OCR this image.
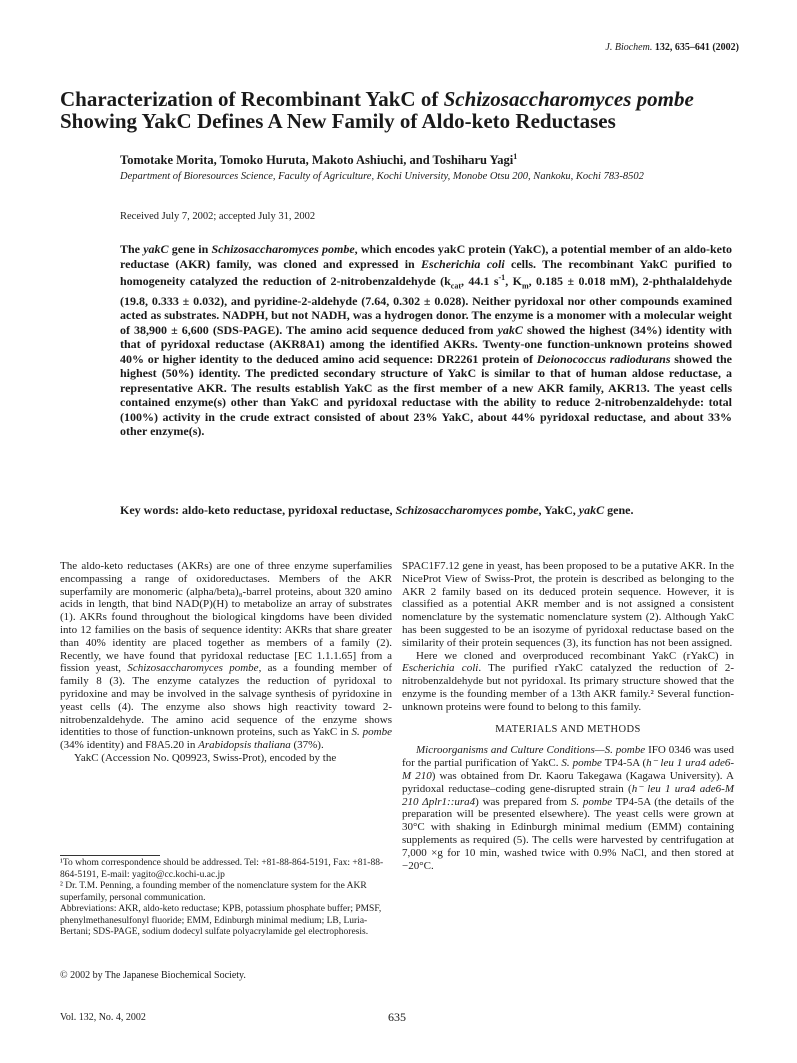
J. Biochem. 132, 635–641 (2002)
Characterization of Recombinant YakC of Schizosaccharomyces pombe
Showing YakC Defines A New Family of Aldo-keto Reductases
Tomotake Morita, Tomoko Huruta, Makoto Ashiuchi, and Toshiharu Yagi$^1$
Department of Bioresources Science, Faculty of Agriculture, Kochi University, Monobe Otsu 200, Nankoku, Kochi 783-8502
Received July 7, 2002; accepted July 31, 2002

The yakC gene in Schizosaccharomyces pombe, which encodes yakC protein (YakC), a potential member of an aldo-keto reductase (AKR) family, was cloned and expressed in Escherichia coli cells. The recombinant YakC purified to homogeneity catalyzed the reduction of 2-nitrobenzaldehyde ($k_{cat}$, 44.1 $s^{-1}$, $K_m$, 0.185 ± 0.018 mM), 2-phthalaldehyde (19.8, 0.333 ± 0.032), and pyridine-2-aldehyde (7.64, 0.302 ± 0.028). Neither pyridoxal nor other compounds examined acted as substrates. NADPH, but not NADH, was a hydrogen donor. The enzyme is a monomer with a molecular weight of 38,900 ± 6,600 (SDS-PAGE). The amino acid sequence deduced from yakC showed the highest (34%) identity with that of pyridoxal reductase (AKR8A1) among the identified AKRs. Twenty-one function-unknown proteins showed 40% or higher identity to the deduced amino acid sequence: DR2261 protein of Deionococcus radiodurans showed the highest (50%) identity. The predicted secondary structure of YakC is similar to that of human aldose reductase, a representative AKR. The results establish YakC as the first member of a new AKR family, AKR13. The yeast cells contained enzyme(s) other than YakC and pyridoxal reductase with the ability to reduce 2-nitrobenzaldehyde: total (100%) activity in the crude extract consisted of about 23% YakC, about 44% pyridoxal reductase, and about 33% other enzyme(s).

Key words: aldo-keto reductase, pyridoxal reductase, Schizosaccharomyces pombe, YakC, yakC gene.

The aldo-keto reductases (AKRs) are one of three enzyme superfamilies encompassing a range of oxidoreductases. Members of the AKR superfamily are monomeric (alpha/beta)₈-barrel proteins, about 320 amino acids in length, that bind NAD(P)(H) to metabolize an array of substrates (1). AKRs found throughout the biological kingdoms have been divided into 12 families on the basis of sequence identity: AKRs that share greater than 40% identity are placed together as members of a family (2). Recently, we have found that pyridoxal reductase [EC 1.1.1.65] from a fission yeast, Schizosaccharomyces pombe, as a founding member of family 8 (3). The enzyme catalyzes the reduction of pyridoxal to pyridoxine and may be involved in the salvage synthesis of pyridoxine in yeast cells (4). The enzyme also shows high reactivity toward 2-nitrobenzaldehyde. The amino acid sequence of the enzyme shows identities to those of function-unknown proteins, such as YakC in S. pombe (34% identity) and F8A5.20 in Arabidopsis thaliana (37%).

YakC (Accession No. Q09923, Swiss-Prot), encoded by the

SPAC1F7.12 gene in yeast, has been proposed to be a putative AKR. In the NiceProt View of Swiss-Prot, the protein is described as belonging to the AKR 2 family based on its deduced protein sequence. However, it is classified as a potential AKR member and is not assigned a consistent nomenclature by the systematic nomenclature system (2). Although YakC has been suggested to be an isozyme of pyridoxal reductase based on the similarity of their protein sequences (3), its function has not been assigned.

Here we cloned and overproduced recombinant YakC (rYakC) in Escherichia coli. The purified rYakC catalyzed the reduction of 2-nitrobenzaldehyde but not pyridoxal. Its primary structure showed that the enzyme is the founding member of a 13th AKR family.² Several function-unknown proteins were found to belong to this family.

MATERIALS AND METHODS

Microorganisms and Culture Conditions—S. pombe IFO 0346 was used for the partial purification of YakC. S. pombe TP4-5A (h⁻ leu 1 ura4 ade6-M 210) was obtained from Dr. Kaoru Takegawa (Kagawa University). A pyridoxal reductase–coding gene-disrupted strain (h⁻ leu 1 ura4 ade6-M 210 Δplr1::ura4) was prepared from S. pombe TP4-5A (the details of the preparation will be presented elsewhere). The yeast cells were grown at 30°C with shaking in Edinburgh minimal medium (EMM) containing supplements as required (5). The cells were harvested by centrifugation at 7,000 ×g for 10 min, washed twice with 0.9% NaCl, and then stored at −20°C.

¹To whom correspondence should be addressed. Tel: +81-88-864-5191, Fax: +81-88-864-5191, E-mail: yagito@cc.kochi-u.ac.jp

² Dr. T.M. Penning, a founding member of the nomenclature system for the AKR superfamily, personal communication.

Abbreviations: AKR, aldo-keto reductase; KPB, potassium phosphate buffer; PMSF, phenylmethanesulfonyl fluoride; EMM, Edinburgh minimal medium; LB, Luria-Bertani; SDS-PAGE, sodium dodecyl sulfate polyacrylamide gel electrophoresis.

© 2002 by The Japanese Biochemical Society.
Vol. 132, No. 4, 2002	635
